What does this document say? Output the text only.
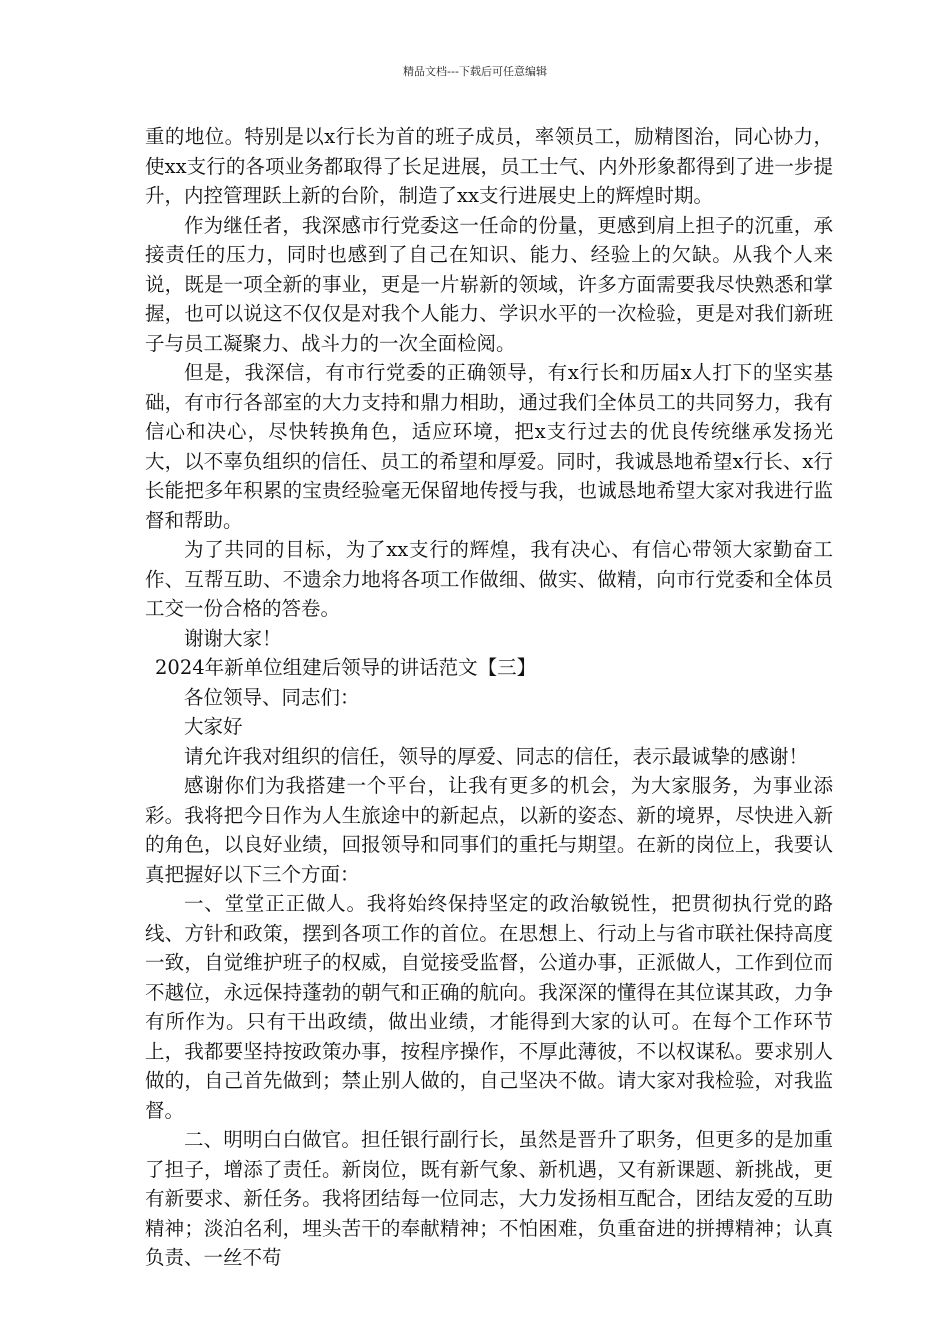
精品文档---下载后可任意编辑

重的地位。特别是以x行长为首的班子成员，率领员工，励精图治，同心协力，使xx支行的各项业务都取得了长足进展，员工士气、内外形象都得到了进一步提升，内控管理跃上新的台阶，制造了xx支行进展史上的辉煌时期。

作为继任者，我深感市行党委这一任命的份量，更感到肩上担子的沉重，承接责任的压力，同时也感到了自己在知识、能力、经验上的欠缺。从我个人来说，既是一项全新的事业，更是一片崭新的领域，许多方面需要我尽快熟悉和掌握，也可以说这不仅仅是对我个人能力、学识水平的一次检验，更是对我们新班子与员工凝聚力、战斗力的一次全面检阅。

但是，我深信，有市行党委的正确领导，有x行长和历届x人打下的坚实基础，有市行各部室的大力支持和鼎力相助，通过我们全体员工的共同努力，我有信心和决心，尽快转换角色，适应环境，把x支行过去的优良传统继承发扬光大，以不辜负组织的信任、员工的希望和厚爱。同时，我诚恳地希望x行长、x行长能把多年积累的宝贵经验毫无保留地传授与我，也诚恳地希望大家对我进行监督和帮助。

为了共同的目标，为了xx支行的辉煌，我有决心、有信心带领大家勤奋工作、互帮互助、不遗余力地将各项工作做细、做实、做精，向市行党委和全体员工交一份合格的答卷。

谢谢大家！

2024年新单位组建后领导的讲话范文【三】

各位领导、同志们：

大家好

请允许我对组织的信任，领导的厚爱、同志的信任，表示最诚挚的感谢！

感谢你们为我搭建一个平台，让我有更多的机会，为大家服务，为事业添彩。我将把今日作为人生旅途中的新起点，以新的姿态、新的境界，尽快进入新的角色，以良好业绩，回报领导和同事们的重托与期望。在新的岗位上，我要认真把握好以下三个方面：

一、堂堂正正做人。我将始终保持坚定的政治敏锐性，把贯彻执行党的路线、方针和政策，摆到各项工作的首位。在思想上、行动上与省市联社保持高度一致，自觉维护班子的权威，自觉接受监督，公道办事，正派做人，工作到位而不越位，永远保持蓬勃的朝气和正确的航向。我深深的懂得在其位谋其政，力争有所作为。只有干出政绩，做出业绩，才能得到大家的认可。在每个工作环节上，我都要坚持按政策办事，按程序操作，不厚此薄彼，不以权谋私。要求别人做的，自己首先做到；禁止别人做的，自己坚决不做。请大家对我检验，对我监督。

二、明明白白做官。担任银行副行长，虽然是晋升了职务，但更多的是加重了担子，增添了责任。新岗位，既有新气象、新机遇，又有新课题、新挑战，更有新要求、新任务。我将团结每一位同志，大力发扬相互配合，团结友爱的互助精神；淡泊名利，埋头苦干的奉献精神；不怕困难，负重奋进的拼搏精神；认真负责、一丝不苟
